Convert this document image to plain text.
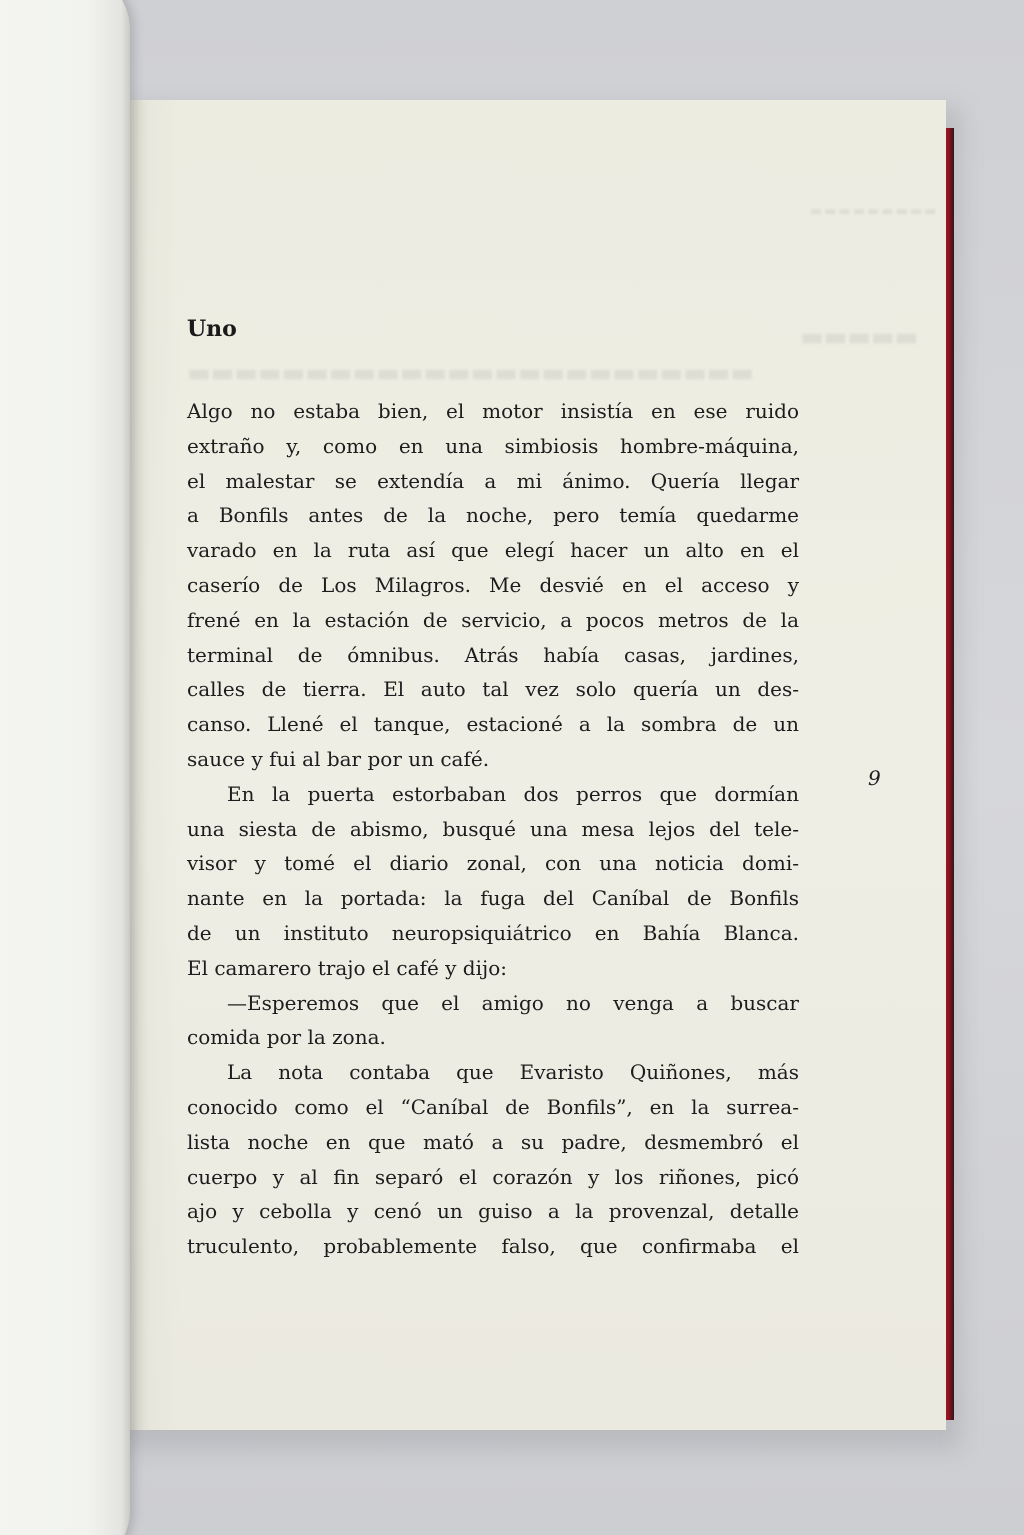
▬▬▬▬▬▬▬▬▬ ◦
▬▬▬▬▬
▬▬▬▬▬▬▬▬▬▬▬▬▬▬▬▬▬▬▬▬▬▬▬▬
Uno
Algo no estaba bien, el motor insistía en ese ruido
extraño y, como en una simbiosis hombre-máquina,
el malestar se extendía a mi ánimo. Quería llegar
a Bonfils antes de la noche, pero temía quedarme
varado en la ruta así que elegí hacer un alto en el
caserío de Los Milagros. Me desvié en el acceso y
frené en la estación de servicio, a pocos metros de la
terminal de ómnibus. Atrás había casas, jardines,
calles de tierra. El auto tal vez solo quería un des-
canso. Llené el tanque, estacioné a la sombra de un
sauce y fui al bar por un café.
En la puerta estorbaban dos perros que dormían
una siesta de abismo, busqué una mesa lejos del tele-
visor y tomé el diario zonal, con una noticia domi-
nante en la portada: la fuga del Caníbal de Bonfils
de un instituto neuropsiquiátrico en Bahía Blanca.
El camarero trajo el café y dijo:
—Esperemos que el amigo no venga a buscar
comida por la zona.
La nota contaba que Evaristo Quiñones, más
conocido como el “Caníbal de Bonfils”, en la surrea-
lista noche en que mató a su padre, desmembró el
cuerpo y al fin separó el corazón y los riñones, picó
ajo y cebolla y cenó un guiso a la provenzal, detalle
truculento, probablemente falso, que confirmaba el
9
